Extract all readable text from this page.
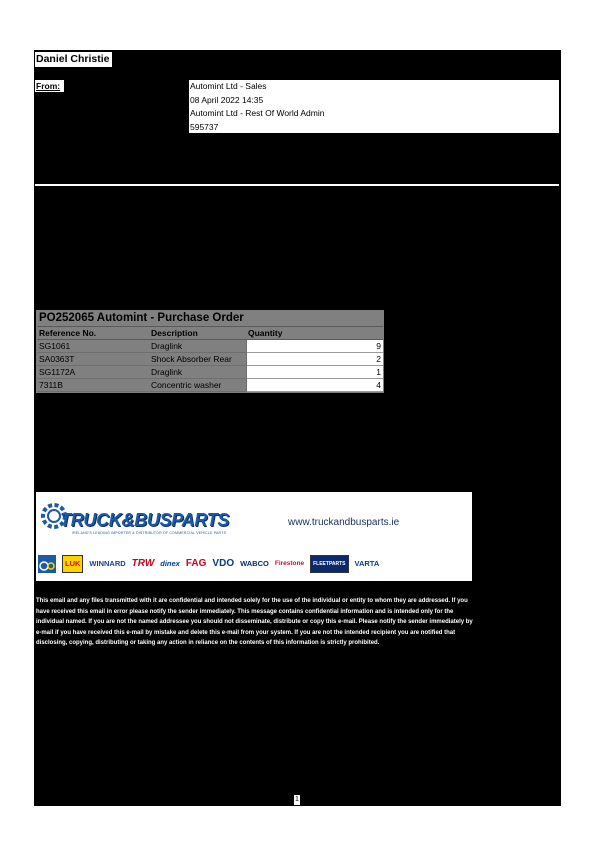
Daniel Christie
From:	Automint Ltd - Sales
08 April 2022 14:35
Automint Ltd - Rest Of World Admin
595737
PO252065 Automint - Purchase Order
Reference No.	Description	Quantity
SG1061	Draglink	9
SA0363T	Shock Absorber Rear	2
SG1172A	Draglink	1
7311B	Concentric washer	4
TRUCK&BUSPARTS
IRELAND'S LEADING IMPORTER & DISTRIBUTOR OF COMMERCIAL VEHICLE PARTS
www.truckandbusparts.ie
LUK	WINNARD TRW dinex FAG VDO WABCO Firestone	FLEETPARTS	VARTA
This email and any files transmitted with it are confidential and intended solely for the use of the individual or entity to whom they are addressed. If you have received this email in error please notify the sender immediately. This message contains confidential information and is intended only for the individual named. If you are not the named addressee you should not disseminate, distribute or copy this e-mail. Please notify the sender immediately by e-mail if you have received this e-mail by mistake and delete this e-mail from your system. If you are not the intended recipient you are notified that disclosing, copying, distributing or taking any action in reliance on the contents of this information is strictly prohibited.
1
